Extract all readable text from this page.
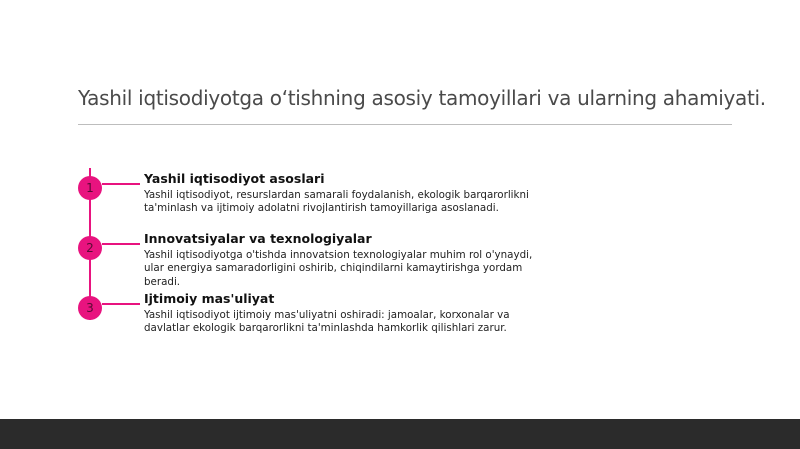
Yashil iqtisodiyotga o‘tishning asosiy tamoyillari va ularning ahamiyati.
1
Yashil iqtisodiyot asoslari
Yashil iqtisodiyot, resurslardan samarali foydalanish, ekologik barqarorlikni ta'minlash va ijtimoiy adolatni rivojlantirish tamoyillariga asoslanadi.
2
Innovatsiyalar va texnologiyalar
Yashil iqtisodiyotga o'tishda innovatsion texnologiyalar muhim rol o'ynaydi, ular energiya samaradorligini oshirib, chiqindilarni kamaytirishga yordam beradi.
3
Ijtimoiy mas'uliyat
Yashil iqtisodiyot ijtimoiy mas'uliyatni oshiradi: jamoalar, korxonalar va davlatlar ekologik barqarorlikni ta'minlashda hamkorlik qilishlari zarur.
